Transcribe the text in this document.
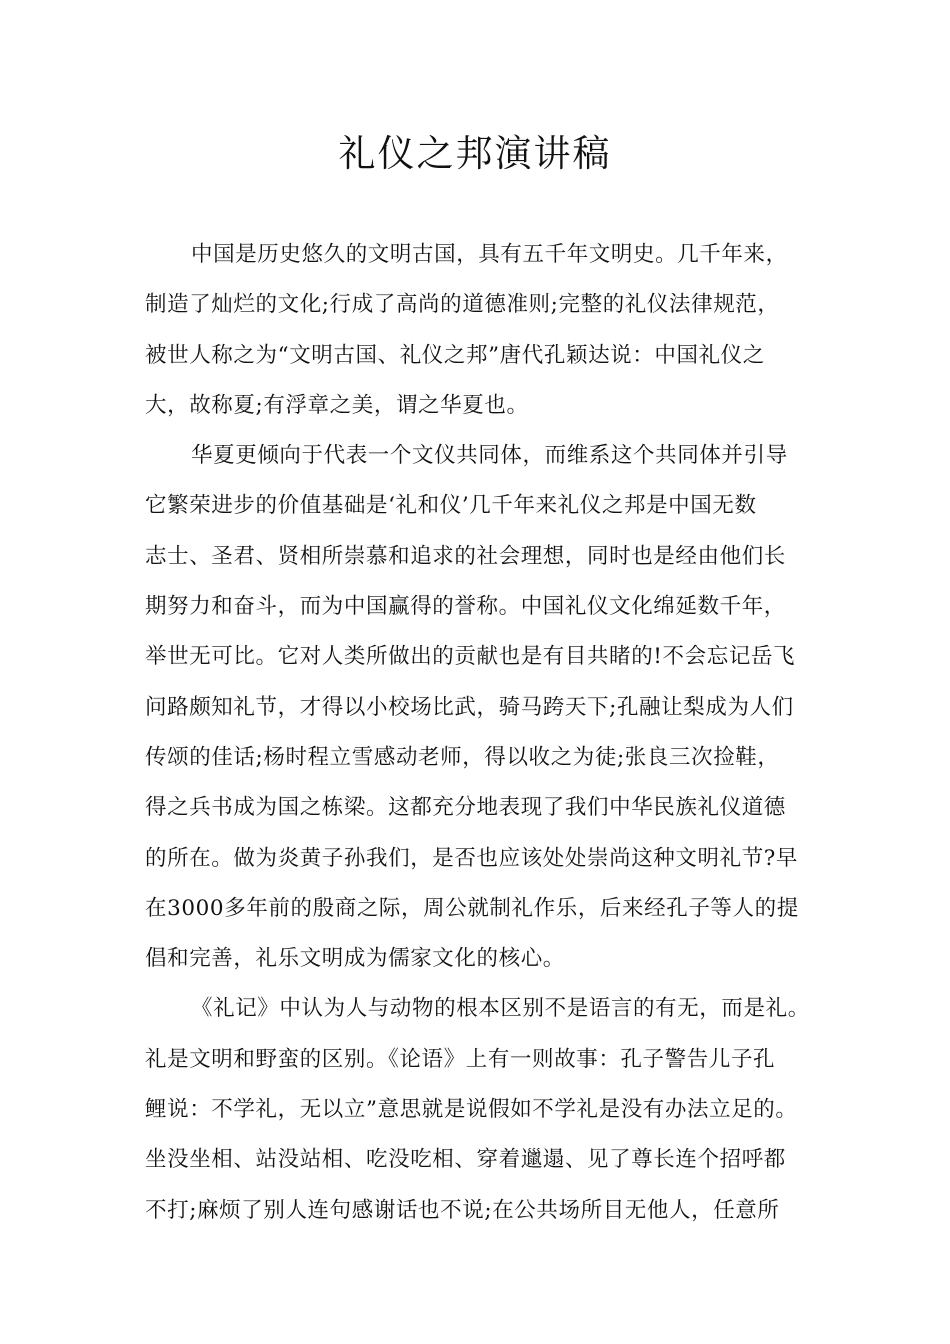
礼仪之邦演讲稿
中国是历史悠久的文明古国，具有五千年文明史。几千年来，
制造了灿烂的文化;行成了高尚的道德准则;完整的礼仪法律规范，
被世人称之为“文明古国、礼仪之邦”唐代孔颖达说：中国礼仪之
大，故称夏;有浮章之美，谓之华夏也。
华夏更倾向于代表一个文仪共同体，而维系这个共同体并引导
它繁荣进步的价值基础是‘礼和仪’几千年来礼仪之邦是中国无数
志士、圣君、贤相所崇慕和追求的社会理想，同时也是经由他们长
期努力和奋斗，而为中国赢得的誉称。中国礼仪文化绵延数千年，
举世无可比。它对人类所做出的贡献也是有目共睹的!不会忘记岳飞
问路颇知礼节，才得以小校场比武，骑马跨天下;孔融让梨成为人们
传颂的佳话;杨时程立雪感动老师，得以收之为徒;张良三次捡鞋，
得之兵书成为国之栋梁。这都充分地表现了我们中华民族礼仪道德
的所在。做为炎黄子孙我们，是否也应该处处崇尚这种文明礼节?早
在3000多年前的殷商之际，周公就制礼作乐，后来经孔子等人的提
倡和完善，礼乐文明成为儒家文化的核心。
《礼记》中认为人与动物的根本区别不是语言的有无，而是礼。
礼是文明和野蛮的区别。《论语》上有一则故事：孔子警告儿子孔
鲤说：不学礼，无以立”意思就是说假如不学礼是没有办法立足的。
坐没坐相、站没站相、吃没吃相、穿着邋遢、见了尊长连个招呼都
不打;麻烦了别人连句感谢话也不说;在公共场所目无他人，任意所
